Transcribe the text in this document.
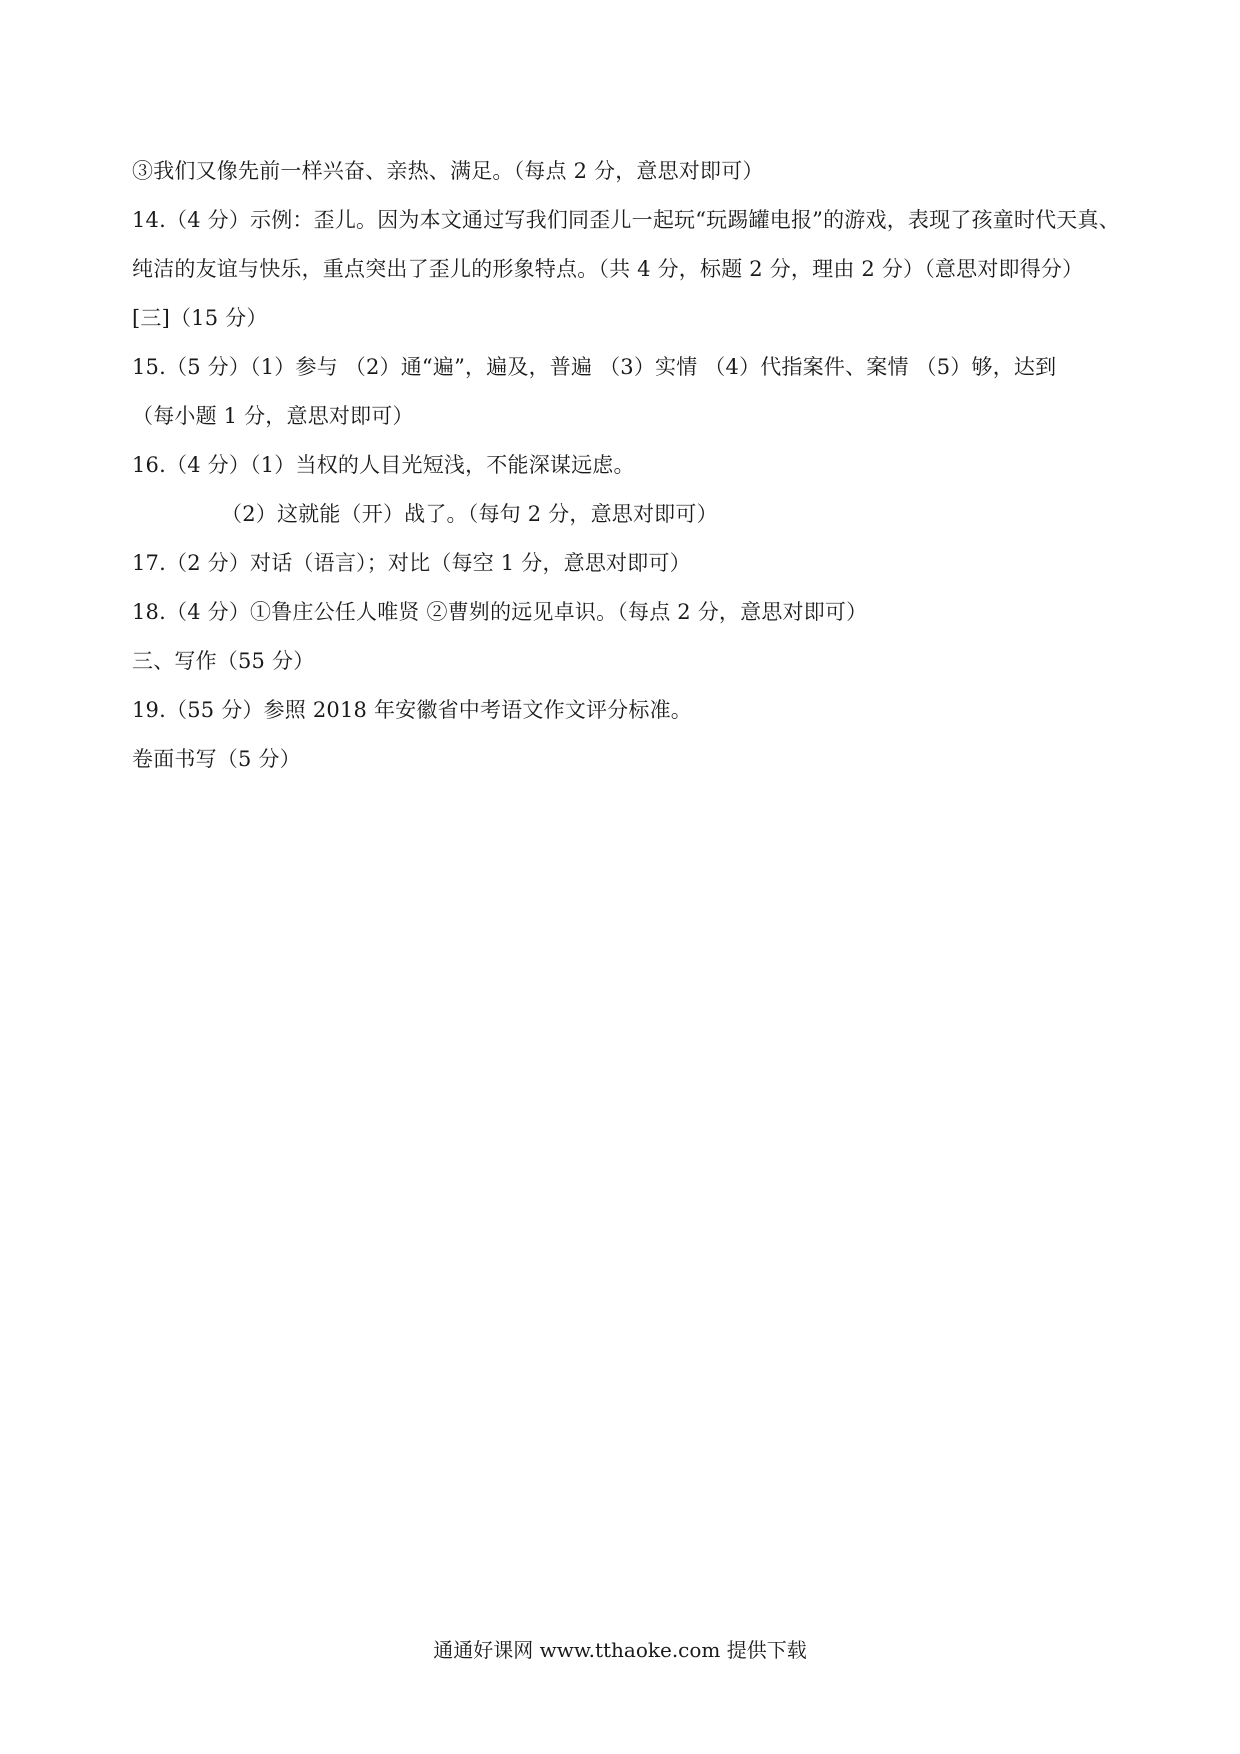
③我们又像先前一样兴奋、亲热、满足。（每点 2 分，意思对即可）
14.（4 分）示例：歪儿。因为本文通过写我们同歪儿一起玩“玩踢罐电报”的游戏，表现了孩童时代天真、
纯洁的友谊与快乐，重点突出了歪儿的形象特点。（共 4 分，标题 2 分，理由 2 分）（意思对即得分）
[三]（15 分）
15.（5 分）（1）参与 （2）通“遍”，遍及，普遍 （3）实情 （4）代指案件、案情 （5）够，达到
（每小题 1 分，意思对即可）
16.（4 分）（1）当权的人目光短浅，不能深谋远虑。
（2）这就能（开）战了。（每句 2 分，意思对即可）
17.（2 分）对话（语言）；对比（每空 1 分，意思对即可）
18.（4 分）①鲁庄公任人唯贤 ②曹刿的远见卓识。（每点 2 分，意思对即可）
三、写作（55 分）
19.（55 分）参照 2018 年安徽省中考语文作文评分标准。
卷面书写（5 分）
通通好课网 www.tthaoke.com 提供下载
